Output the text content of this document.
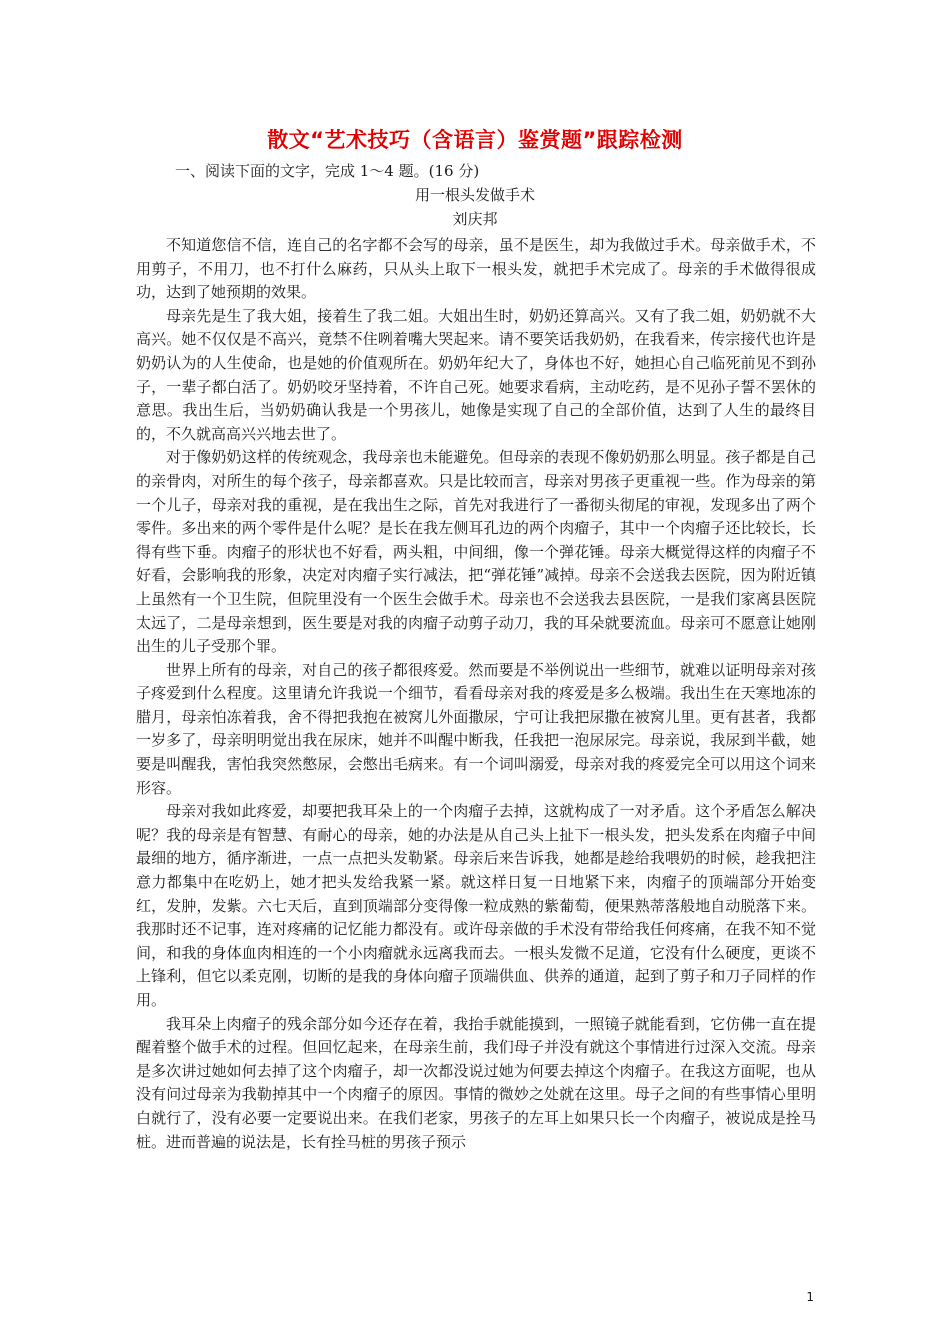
散文“艺术技巧（含语言）鉴赏题”跟踪检测
一、阅读下面的文字，完成 1～4 题。(16 分)
用一根头发做手术
刘庆邦

不知道您信不信，连自己的名字都不会写的母亲，虽不是医生，却为我做过手术。母亲做手术，不用剪子，不用刀，也不打什么麻药，只从头上取下一根头发，就把手术完成了。母亲的手术做得很成功，达到了她预期的效果。

母亲先是生了我大姐，接着生了我二姐。大姐出生时，奶奶还算高兴。又有了我二姐，奶奶就不大高兴。她不仅仅是不高兴，竟禁不住咧着嘴大哭起来。请不要笑话我奶奶，在我看来，传宗接代也许是奶奶认为的人生使命，也是她的价值观所在。奶奶年纪大了，身体也不好，她担心自己临死前见不到孙子，一辈子都白活了。奶奶咬牙坚持着，不许自己死。她要求看病，主动吃药，是不见孙子誓不罢休的意思。我出生后，当奶奶确认我是一个男孩儿，她像是实现了自己的全部价值，达到了人生的最终目的，不久就高高兴兴地去世了。

对于像奶奶这样的传统观念，我母亲也未能避免。但母亲的表现不像奶奶那么明显。孩子都是自己的亲骨肉，对所生的每个孩子，母亲都喜欢。只是比较而言，母亲对男孩子更重视一些。作为母亲的第一个儿子，母亲对我的重视，是在我出生之际，首先对我进行了一番彻头彻尾的审视，发现多出了两个零件。多出来的两个零件是什么呢？是长在我左侧耳孔边的两个肉瘤子，其中一个肉瘤子还比较长，长得有些下垂。肉瘤子的形状也不好看，两头粗，中间细，像一个弹花锤。母亲大概觉得这样的肉瘤子不好看，会影响我的形象，决定对肉瘤子实行减法，把“弹花锤”减掉。母亲不会送我去医院，因为附近镇上虽然有一个卫生院，但院里没有一个医生会做手术。母亲也不会送我去县医院，一是我们家离县医院太远了，二是母亲想到，医生要是对我的肉瘤子动剪子动刀，我的耳朵就要流血。母亲可不愿意让她刚出生的儿子受那个罪。

世界上所有的母亲，对自己的孩子都很疼爱。然而要是不举例说出一些细节，就难以证明母亲对孩子疼爱到什么程度。这里请允许我说一个细节，看看母亲对我的疼爱是多么极端。我出生在天寒地冻的腊月，母亲怕冻着我，舍不得把我抱在被窝儿外面撒尿，宁可让我把尿撒在被窝儿里。更有甚者，我都一岁多了，母亲明明觉出我在尿床，她并不叫醒中断我，任我把一泡尿尿完。母亲说，我尿到半截，她要是叫醒我，害怕我突然憋尿，会憋出毛病来。有一个词叫溺爱，母亲对我的疼爱完全可以用这个词来形容。

母亲对我如此疼爱，却要把我耳朵上的一个肉瘤子去掉，这就构成了一对矛盾。这个矛盾怎么解决呢？我的母亲是有智慧、有耐心的母亲，她的办法是从自己头上扯下一根头发，把头发系在肉瘤子中间最细的地方，循序渐进，一点一点把头发勒紧。母亲后来告诉我，她都是趁给我喂奶的时候，趁我把注意力都集中在吃奶上，她才把头发给我紧一紧。就这样日复一日地紧下来，肉瘤子的顶端部分开始变红，发肿，发紫。六七天后，直到顶端部分变得像一粒成熟的紫葡萄，便果熟蒂落般地自动脱落下来。我那时还不记事，连对疼痛的记忆能力都没有。或许母亲做的手术没有带给我任何疼痛，在我不知不觉间，和我的身体血肉相连的一个小肉瘤就永远离我而去。一根头发微不足道，它没有什么硬度，更谈不上锋利，但它以柔克刚，切断的是我的身体向瘤子顶端供血、供养的通道，起到了剪子和刀子同样的作用。

我耳朵上肉瘤子的残余部分如今还存在着，我抬手就能摸到，一照镜子就能看到，它仿佛一直在提醒着整个做手术的过程。但回忆起来，在母亲生前，我们母子并没有就这个事情进行过深入交流。母亲是多次讲过她如何去掉了这个肉瘤子，却一次都没说过她为何要去掉这个肉瘤子。在我这方面呢，也从没有问过母亲为我勒掉其中一个肉瘤子的原因。事情的微妙之处就在这里。母子之间的有些事情心里明白就行了，没有必要一定要说出来。在我们老家，男孩子的左耳上如果只长一个肉瘤子，被说成是拴马桩。进而普遍的说法是，长有拴马桩的男孩子预示

1
